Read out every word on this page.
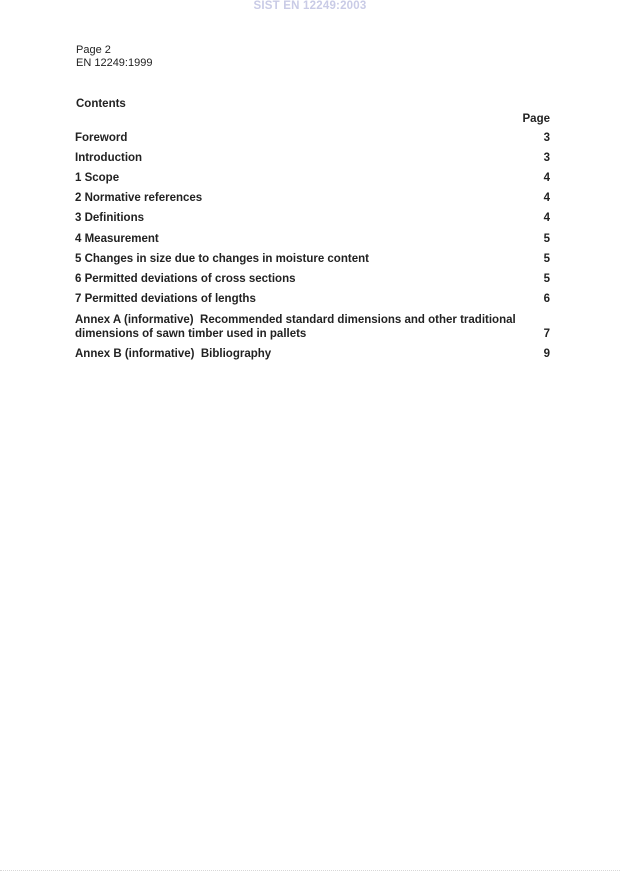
SIST EN 12249:2003
Page 2
EN 12249:1999
Contents
Page
Foreword	3
Introduction	3
1 Scope	4
2 Normative references	4
3 Definitions	4
4 Measurement	5
5 Changes in size due to changes in moisture content	5
6 Permitted deviations of cross sections	5
7 Permitted deviations of lengths	6
Annex A (informative)  Recommended standard dimensions and other traditional
dimensions of sawn timber used in pallets	7
Annex B (informative)  Bibliography	9
